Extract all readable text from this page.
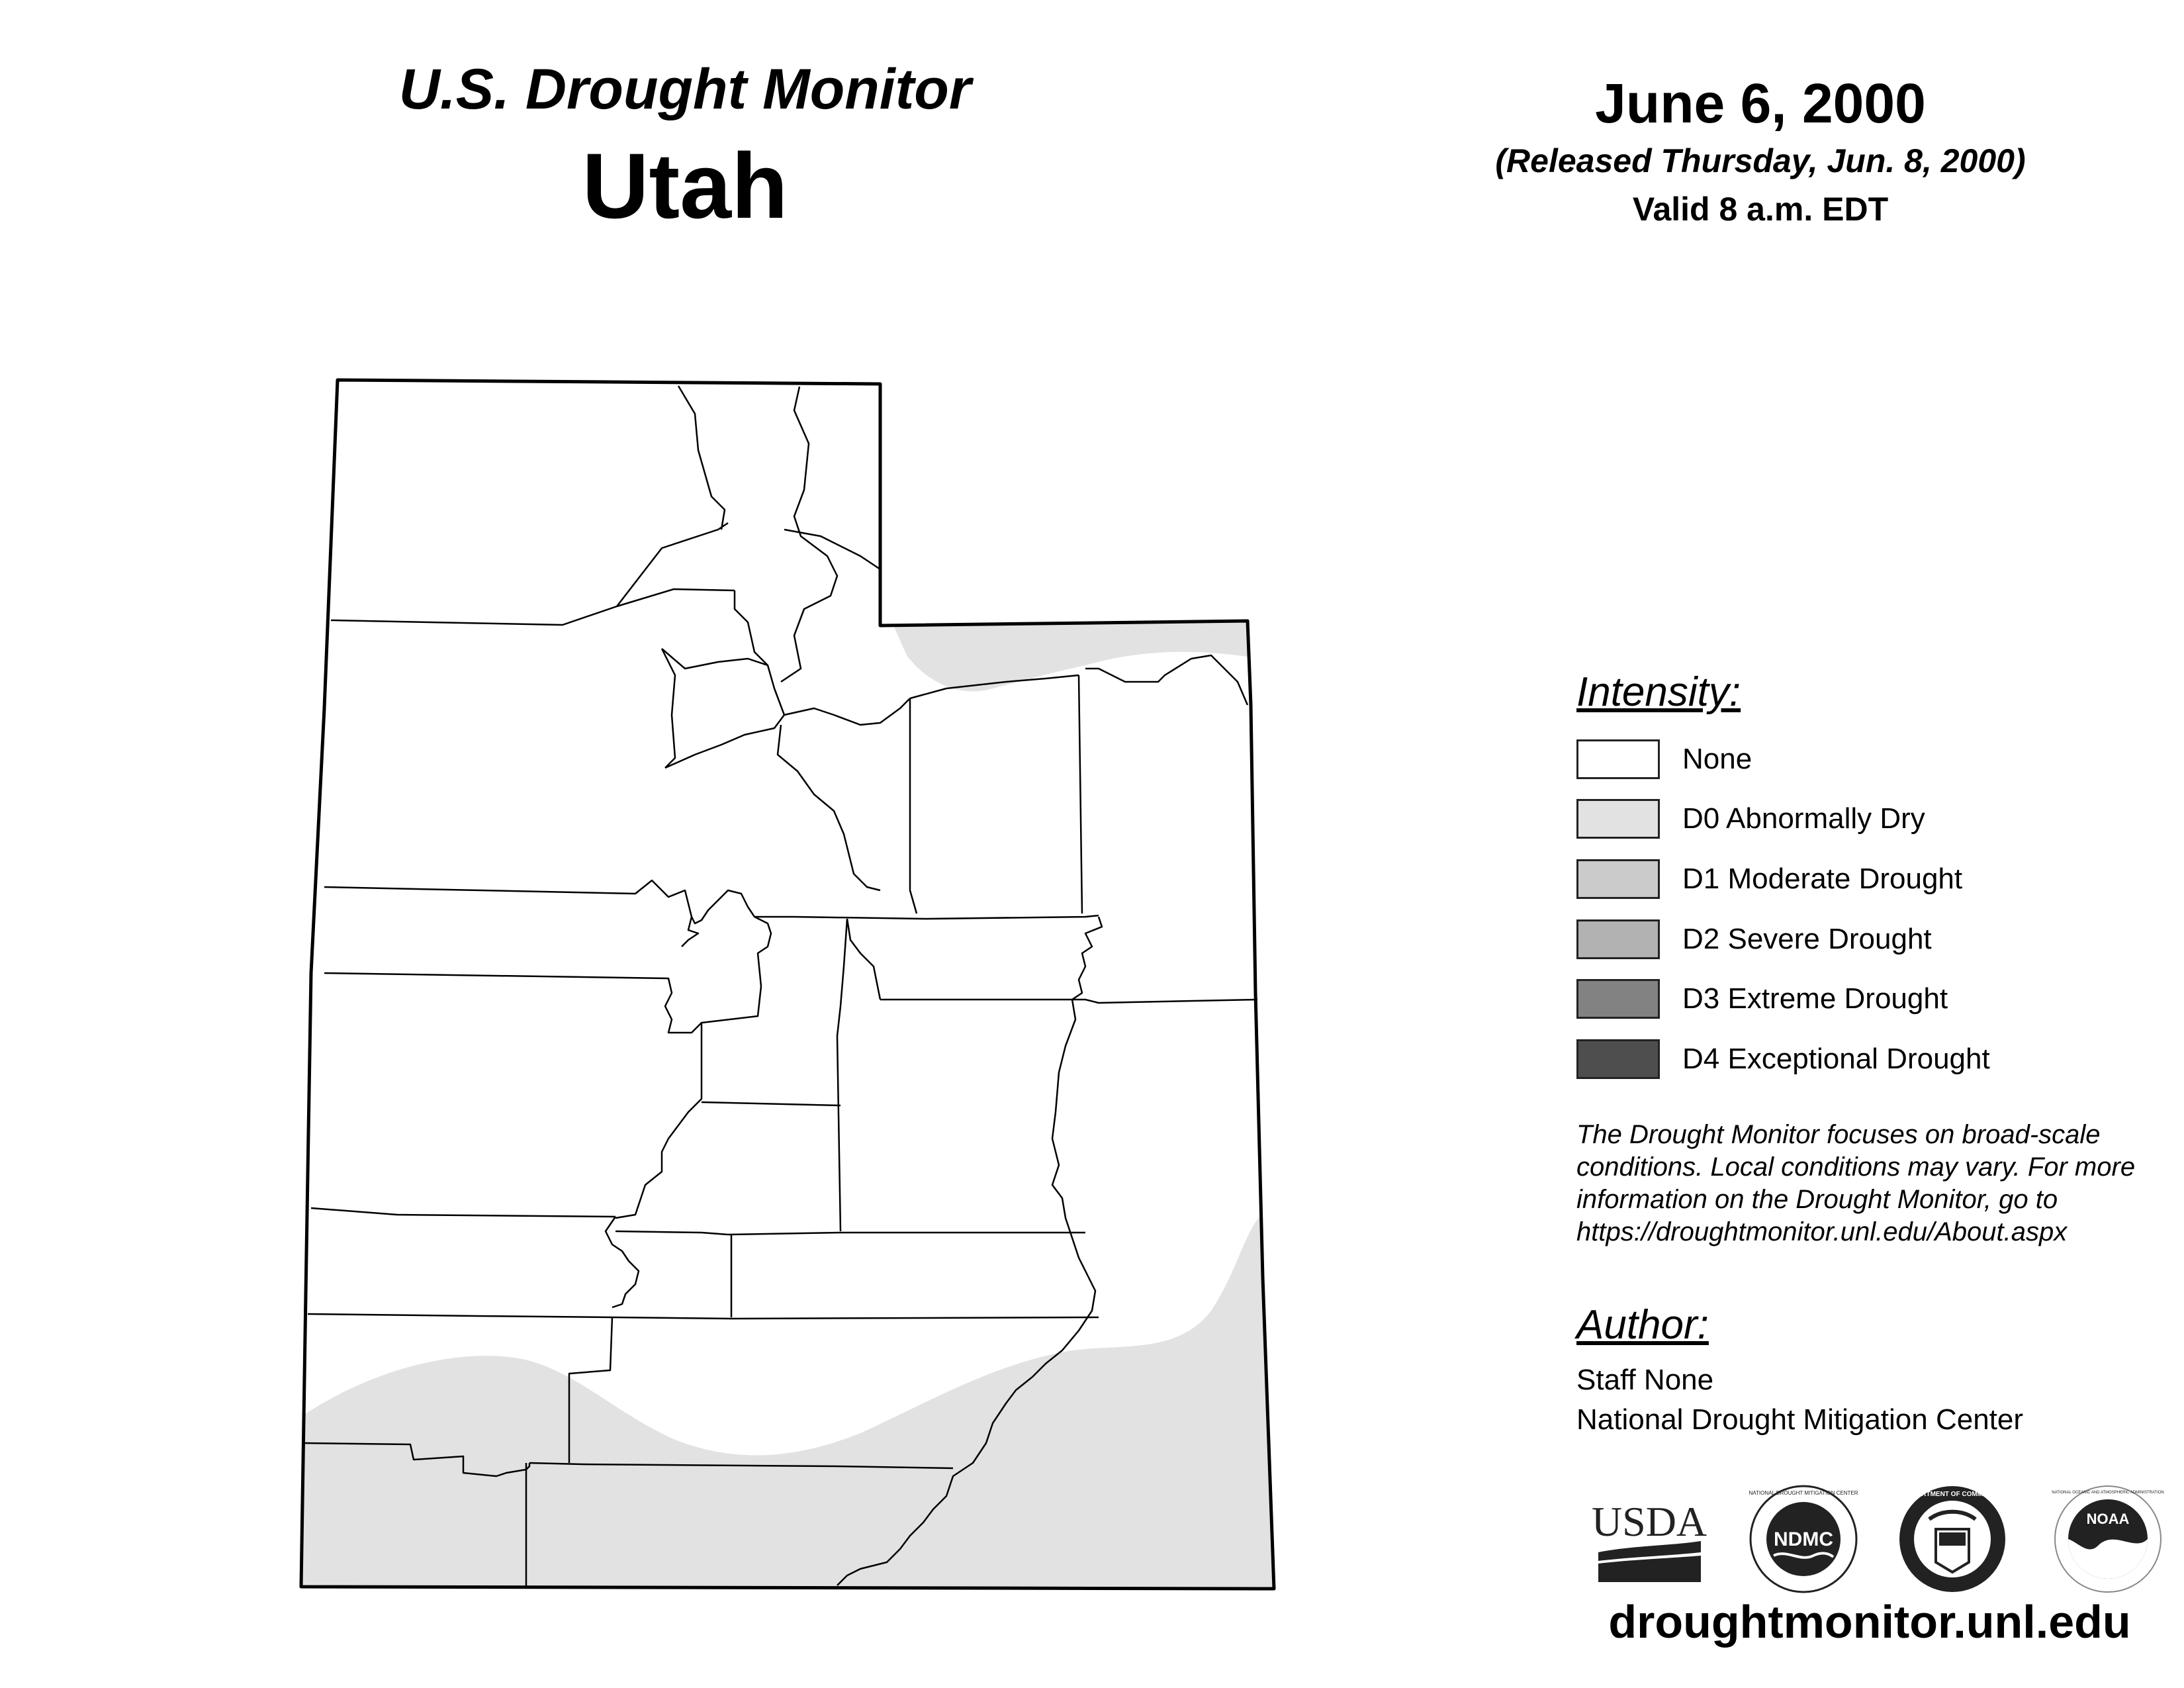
U.S. Drought Monitor
Utah
June 6, 2000
(Released Thursday, Jun. 8, 2000)
Valid 8 a.m. EDT
Intensity:
None
D0 Abnormally Dry
D1 Moderate Drought
D2 Severe Drought
D3 Extreme Drought
D4 Exceptional Drought
The Drought Monitor focuses on broad-scale conditions. Local conditions may vary. For more information on the Drought Monitor, go to https://droughtmonitor.unl.edu/About.aspx
Author:
Staff None
National Drought Mitigation Center
USDA	NDMC
NATIONAL DROUGHT MITIGATION CENTER	DEPARTMENT OF COMMERCE
NOAA
NATIONAL OCEANIC AND ATMOSPHERIC ADMINISTRATION
droughtmonitor.unl.edu
